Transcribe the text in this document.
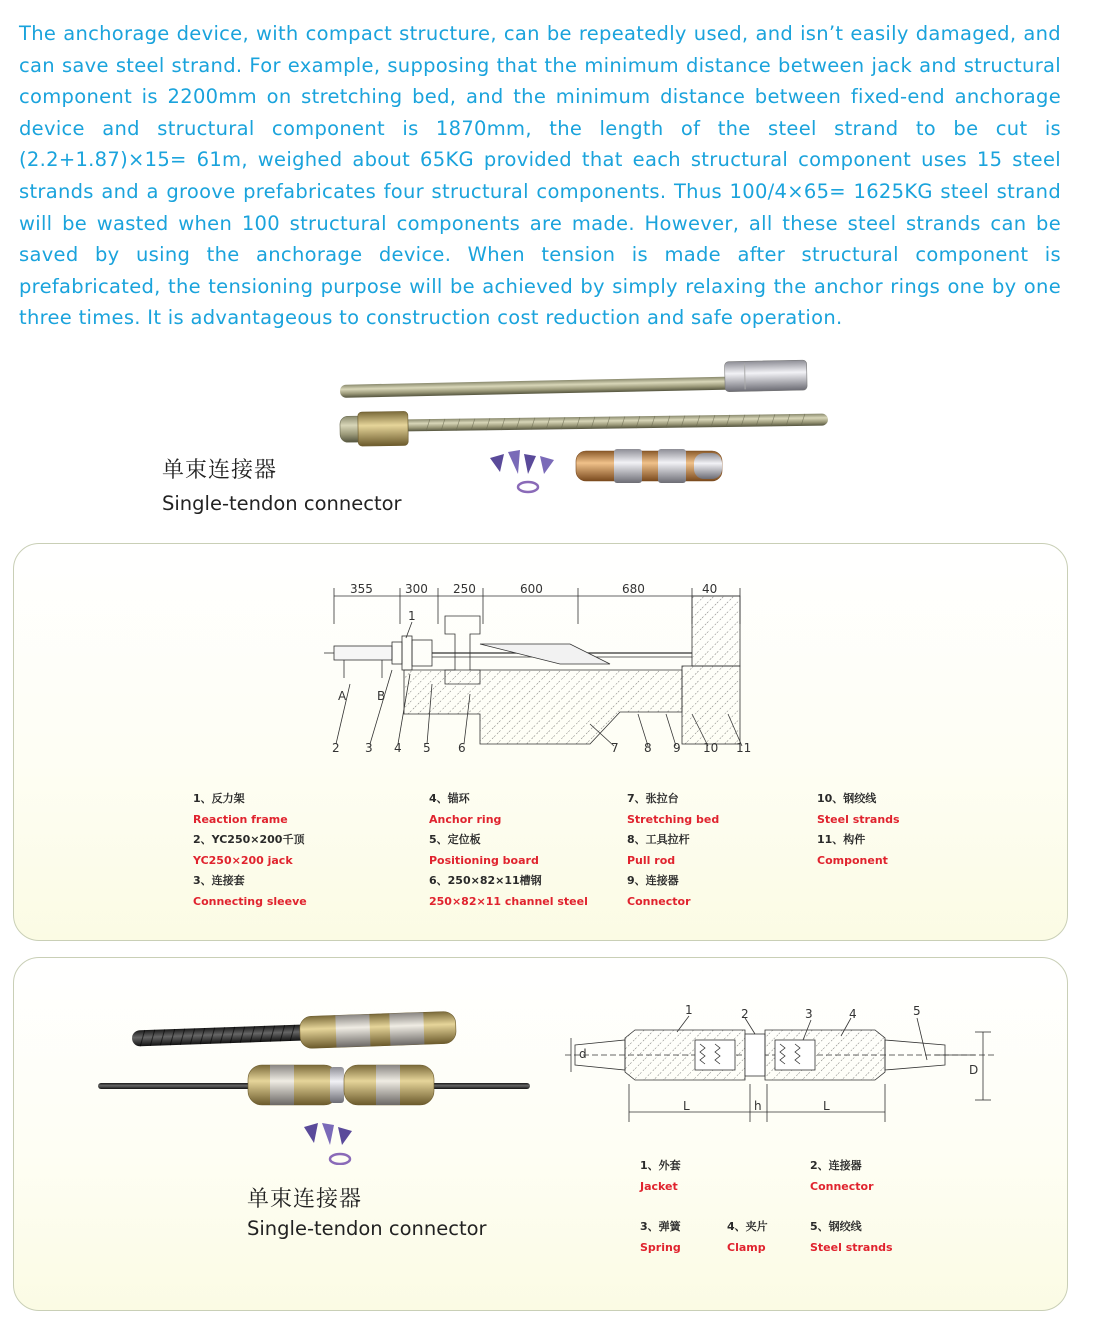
The anchorage device, with compact structure, can be repeatedly used, and isn’t easily damaged, and can save steel strand. For example, supposing that the minimum distance between jack and structural component is 2200mm on stretching bed, and the minimum distance between fixed-end anchorage device and structural component is 1870mm, the length of the steel strand to be cut is (2.2+1.87)×15= 61m, weighed about 65KG provided that each structural component uses 15 steel strands and a groove prefabricates four structural components. Thus 100/4×65= 1625KG steel strand will be wasted when 100 structural components are made. However, all these steel strands can be saved by using the anchorage device. When tension is made after structural component is prefabricated, the tensioning purpose will be achieved by simply relaxing the anchor rings one by one three times. It is advantageous to construction cost reduction and safe operation.

单束连接器
Single-tendon connector
355	300 250	600	680	40
A	B
1
2 3 4 5 6	7 8 9 10 11
1、反力架
Reaction frame
2、YC250×200千顶
YC250×200 jack
3、连接套
Connecting sleeve
4、锚环
Anchor ring
5、定位板
Positioning board
6、250×82×11槽钢
250×82×11 channel steel
7、张拉台
Stretching bed
8、工具拉杆
Pull rod
9、连接器
Connector
10、钢绞线
Steel strands
11、构件
Component
单束连接器
Single-tendon connector
1	2	3	4	5
d
D
L	h	L
1、外套
Jacket
2、连接器
Connector
3、弹簧
Spring
4、夹片
Clamp
5、钢绞线
Steel strands
